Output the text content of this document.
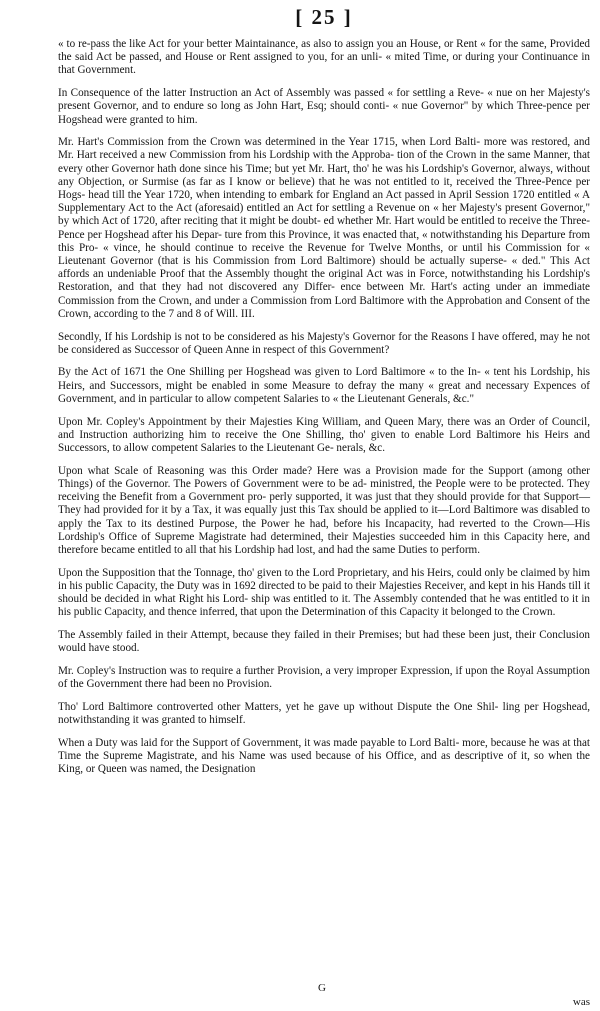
[ 25 ]

« to re-pass the like Act for your better Maintainance, as also to assign you an House, or Rent « for the same, Provided the said Act be passed, and House or Rent assigned to you, for an unli- « mited Time, or during your Continuance in that Government.

In Consequence of the latter Instruction an Act of Assembly was passed « for settling a Reve- « nue on her Majesty's present Governor, and to endure so long as John Hart, Esq; should conti- « nue Governor" by which Three-pence per Hogshead were granted to him.

Mr. Hart's Commission from the Crown was determined in the Year 1715, when Lord Balti- more was restored, and Mr. Hart received a new Commission from his Lordship with the Approba- tion of the Crown in the same Manner, that every other Governor hath done since his Time; but yet Mr. Hart, tho' he was his Lordship's Governor, always, without any Objection, or Surmise (as far as I know or believe) that he was not entitled to it, received the Three-Pence per Hogs- head till the Year 1720, when intending to embark for England an Act passed in April Session 1720 entitled « A Supplementary Act to the Act (aforesaid) entitled an Act for settling a Revenue on « her Majesty's present Governor," by which Act of 1720, after reciting that it might be doubt- ed whether Mr. Hart would be entitled to receive the Three-Pence per Hogshead after his Depar- ture from this Province, it was enacted that, « notwithstanding his Departure from this Pro- « vince, he should continue to receive the Revenue for Twelve Months, or until his Commission for « Lieutenant Governor (that is his Commission from Lord Baltimore) should be actually superse- « ded." This Act affords an undeniable Proof that the Assembly thought the original Act was in Force, notwithstanding his Lordship's Restoration, and that they had not discovered any Differ- ence between Mr. Hart's acting under an immediate Commission from the Crown, and under a Commission from Lord Baltimore with the Approbation and Consent of the Crown, according to the 7 and 8 of Will. III.

Secondly, If his Lordship is not to be considered as his Majesty's Governor for the Reasons I have offered, may he not be considered as Successor of Queen Anne in respect of this Government?

By the Act of 1671 the One Shilling per Hogshead was given to Lord Baltimore « to the In- « tent his Lordship, his Heirs, and Successors, might be enabled in some Measure to defray the many « great and necessary Expences of Government, and in particular to allow competent Salaries to « the Lieutenant Generals, &c."

Upon Mr. Copley's Appointment by their Majesties King William, and Queen Mary, there was an Order of Council, and Instruction authorizing him to receive the One Shilling, tho' given to enable Lord Baltimore his Heirs and Successors, to allow competent Salaries to the Lieutenant Ge- nerals, &c.

Upon what Scale of Reasoning was this Order made? Here was a Provision made for the Support (among other Things) of the Governor. The Powers of Government were to be ad- ministred, the People were to be protected. They receiving the Benefit from a Government pro- perly supported, it was just that they should provide for that Support—They had provided for it by a Tax, it was equally just this Tax should be applied to it—Lord Baltimore was disabled to apply the Tax to its destined Purpose, the Power he had, before his Incapacity, had reverted to the Crown—His Lordship's Office of Supreme Magistrate had determined, their Majesties succeeded him in this Capacity here, and therefore became entitled to all that his Lordship had lost, and had the same Duties to perform.

Upon the Supposition that the Tonnage, tho' given to the Lord Proprietary, and his Heirs, could only be claimed by him in his public Capacity, the Duty was in 1692 directed to be paid to their Majesties Receiver, and kept in his Hands till it should be decided in what Right his Lord- ship was entitled to it. The Assembly contended that he was entitled to it in his public Capacity, and thence inferred, that upon the Determination of this Capacity it belonged to the Crown.

The Assembly failed in their Attempt, because they failed in their Premises; but had these been just, their Conclusion would have stood.

Mr. Copley's Instruction was to require a further Provision, a very improper Expression, if upon the Royal Assumption of the Government there had been no Provision.

Tho' Lord Baltimore controverted other Matters, yet he gave up without Dispute the One Shil- ling per Hogshead, notwithstanding it was granted to himself.

When a Duty was laid for the Support of Government, it was made payable to Lord Balti- more, because he was at that Time the Supreme Magistrate, and his Name was used because of his Office, and as descriptive of it, so when the King, or Queen was named, the Designation

G
was
